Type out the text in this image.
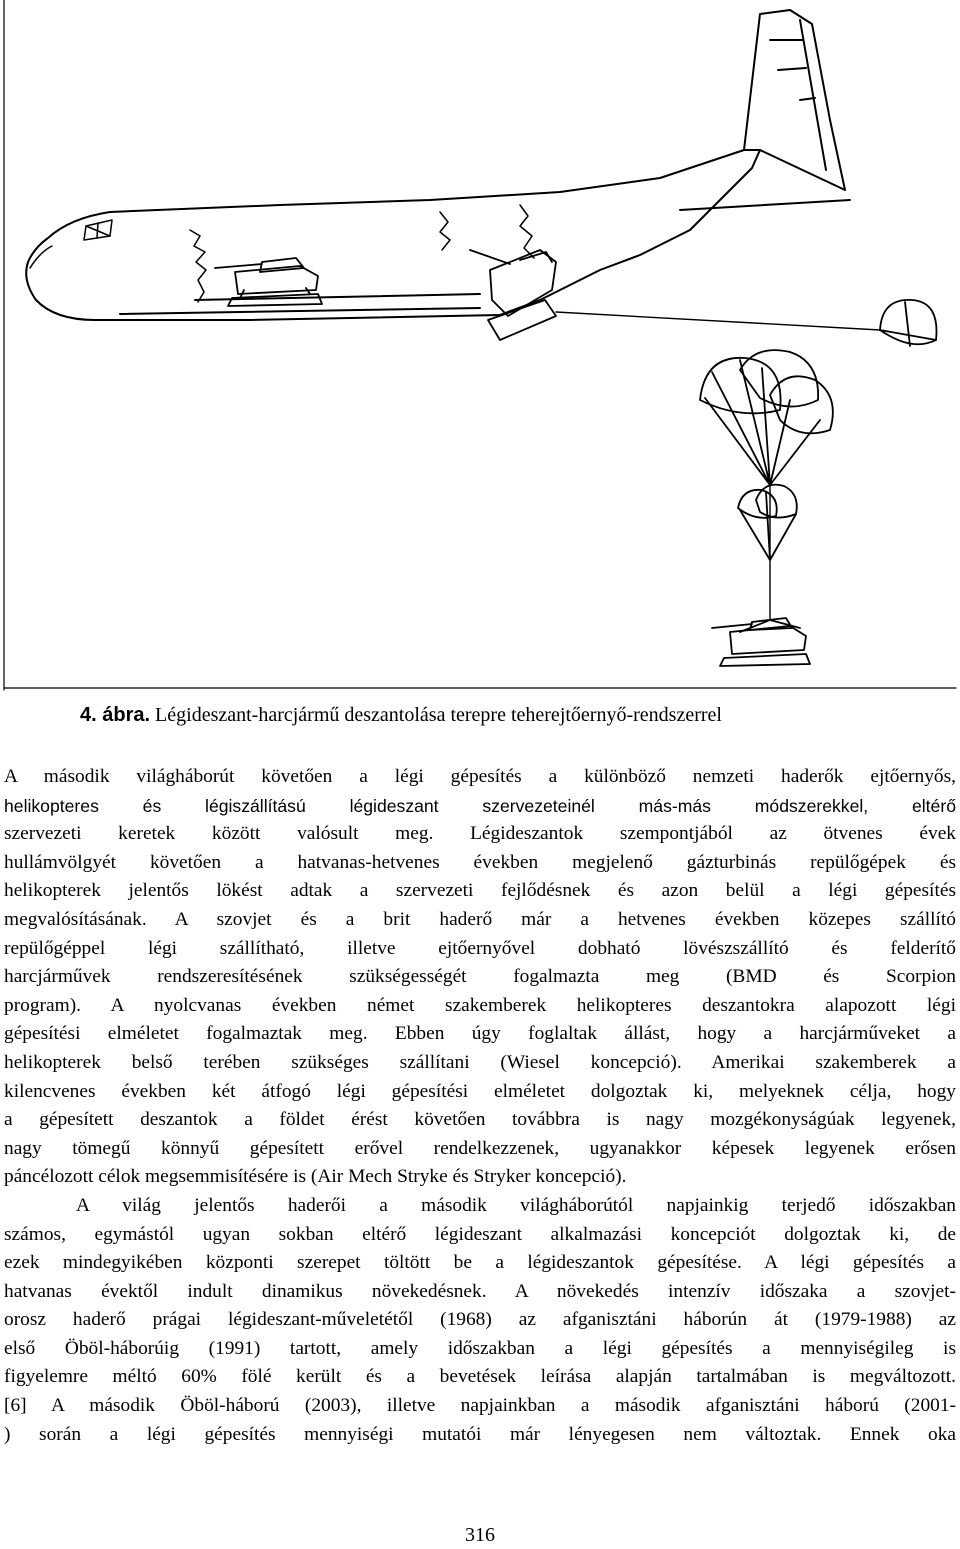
4. ábra. Légideszant-harcjármű deszantolása terepre teherejtőernyő-rendszerrel
A második világháborút követően a légi gépesítés a különböző nemzeti haderők ejtőernyős,
helikopteres és légiszállítású légideszant szervezeteinél más-más módszerekkel, eltérő
szervezeti keretek között valósult meg. Légideszantok szempontjából az ötvenes évek
hullámvölgyét követően a hatvanas-hetvenes években megjelenő gázturbinás repülőgépek és
helikopterek jelentős lökést adtak a szervezeti fejlődésnek és azon belül a légi gépesítés
megvalósításának. A szovjet és a brit haderő már a hetvenes években közepes szállító
repülőgéppel légi szállítható, illetve ejtőernyővel dobható lövészszállító és felderítő
harcjárművek rendszeresítésének szükségességét fogalmazta meg (BMD és Scorpion
program). A nyolcvanas években német szakemberek helikopteres deszantokra alapozott légi
gépesítési elméletet fogalmaztak meg. Ebben úgy foglaltak állást, hogy a harcjárműveket a
helikopterek belső terében szükséges szállítani (Wiesel koncepció). Amerikai szakemberek a
kilencvenes években két átfogó légi gépesítési elméletet dolgoztak ki, melyeknek célja, hogy
a gépesített deszantok a földet érést követően továbbra is nagy mozgékonyságúak legyenek,
nagy tömegű könnyű gépesített erővel rendelkezzenek, ugyanakkor képesek legyenek erősen
páncélozott célok megsemmisítésére is (Air Mech Stryke és Stryker koncepció).
A világ jelentős haderői a második világháborútól napjainkig terjedő időszakban
számos, egymástól ugyan sokban eltérő légideszant alkalmazási koncepciót dolgoztak ki, de
ezek mindegyikében központi szerepet töltött be a légideszantok gépesítése. A légi gépesítés a
hatvanas évektől indult dinamikus növekedésnek. A növekedés intenzív időszaka a szovjet-
orosz haderő prágai légideszant-műveletétől (1968) az afganisztáni háborún át (1979-1988) az
első Öböl-háborúig (1991) tartott, amely időszakban a légi gépesítés a mennyiségileg is
figyelemre méltó 60% fölé került és a bevetések leírása alapján tartalmában is megváltozott.
[6] A második Öböl-háború (2003), illetve napjainkban a második afganisztáni háború (2001-
) során a légi gépesítés mennyiségi mutatói már lényegesen nem változtak. Ennek oka
316
